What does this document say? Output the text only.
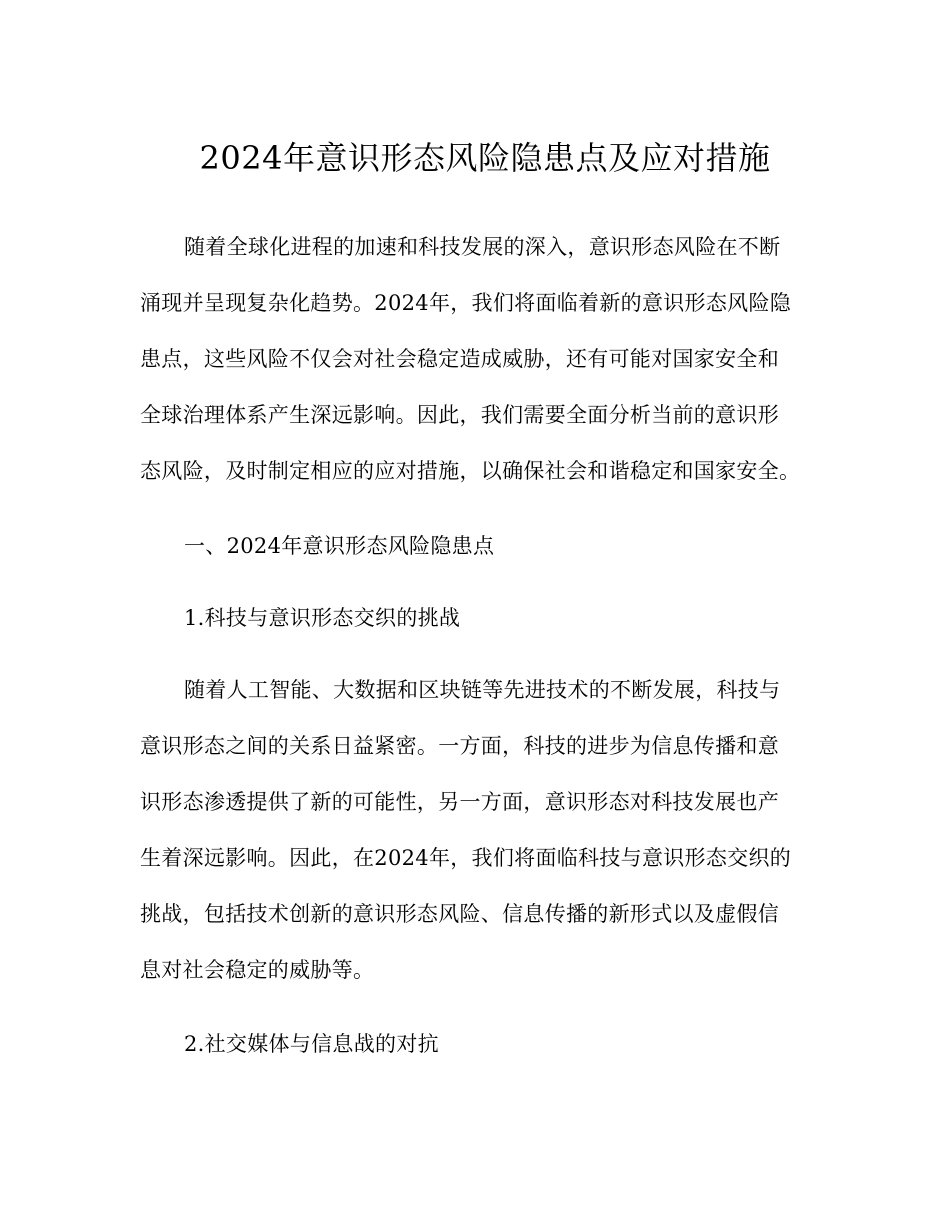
2024年意识形态风险隐患点及应对措施
随着全球化进程的加速和科技发展的深入，意识形态风险在不断
涌现并呈现复杂化趋势。2024年，我们将面临着新的意识形态风险隐
患点，这些风险不仅会对社会稳定造成威胁，还有可能对国家安全和
全球治理体系产生深远影响。因此，我们需要全面分析当前的意识形
态风险，及时制定相应的应对措施，以确保社会和谐稳定和国家安全。
一、2024年意识形态风险隐患点
1.科技与意识形态交织的挑战
随着人工智能、大数据和区块链等先进技术的不断发展，科技与
意识形态之间的关系日益紧密。一方面，科技的进步为信息传播和意
识形态渗透提供了新的可能性，另一方面，意识形态对科技发展也产
生着深远影响。因此，在2024年，我们将面临科技与意识形态交织的
挑战，包括技术创新的意识形态风险、信息传播的新形式以及虚假信
息对社会稳定的威胁等。
2.社交媒体与信息战的对抗
